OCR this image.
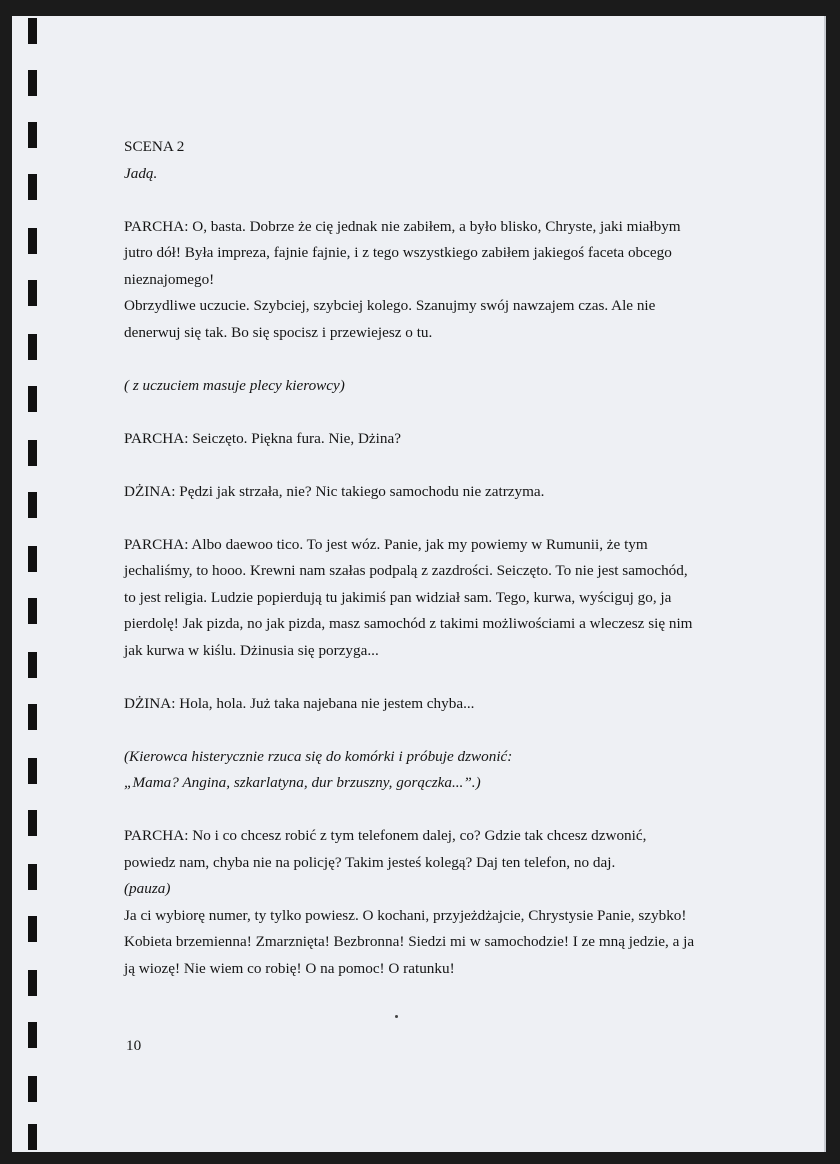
SCENA 2

Jadą.

PARCHA: O, basta. Dobrze że cię jednak nie zabiłem, a było blisko, Chryste, jaki miałbym

jutro dół! Była impreza, fajnie fajnie, i z tego wszystkiego zabiłem jakiegoś faceta obcego

nieznajomego!

Obrzydliwe uczucie. Szybciej, szybciej kolego. Szanujmy swój nawzajem czas. Ale nie

denerwuj się tak. Bo się spocisz i przewiejesz o tu.

( z uczuciem masuje plecy kierowcy)

PARCHA: Seiczęto. Piękna fura. Nie, Dżina?

DŻINA: Pędzi jak strzała, nie? Nic takiego samochodu nie zatrzyma.

PARCHA: Albo daewoo tico. To jest wóz. Panie, jak my powiemy w Rumunii, że tym

jechaliśmy, to hooo. Krewni nam szałas podpalą z zazdrości. Seiczęto. To nie jest samochód,

to jest religia. Ludzie popierdują tu jakimiś pan widział sam. Tego, kurwa, wyściguj go, ja

pierdolę! Jak pizda, no jak pizda, masz samochód z takimi możliwościami a wleczesz się nim

jak kurwa w kiślu. Dżinusia się porzyga...

DŻINA: Hola, hola. Już taka najebana nie jestem chyba...

(Kierowca histerycznie rzuca się do komórki i próbuje dzwonić:

„Mama? Angina, szkarlatyna, dur brzuszny, gorączka...”.)

PARCHA: No i co chcesz robić z tym telefonem dalej, co? Gdzie tak chcesz dzwonić,

powiedz nam, chyba nie na policję? Takim jesteś kolegą? Daj ten telefon, no daj.

(pauza)

Ja ci wybiorę numer, ty tylko powiesz. O kochani, przyjeżdżajcie, Chrystysie Panie, szybko!

Kobieta brzemienna! Zmarznięta! Bezbronna! Siedzi mi w samochodzie! I ze mną jedzie, a ja

ją wiozę! Nie wiem co robię! O na pomoc! O ratunku!

10
